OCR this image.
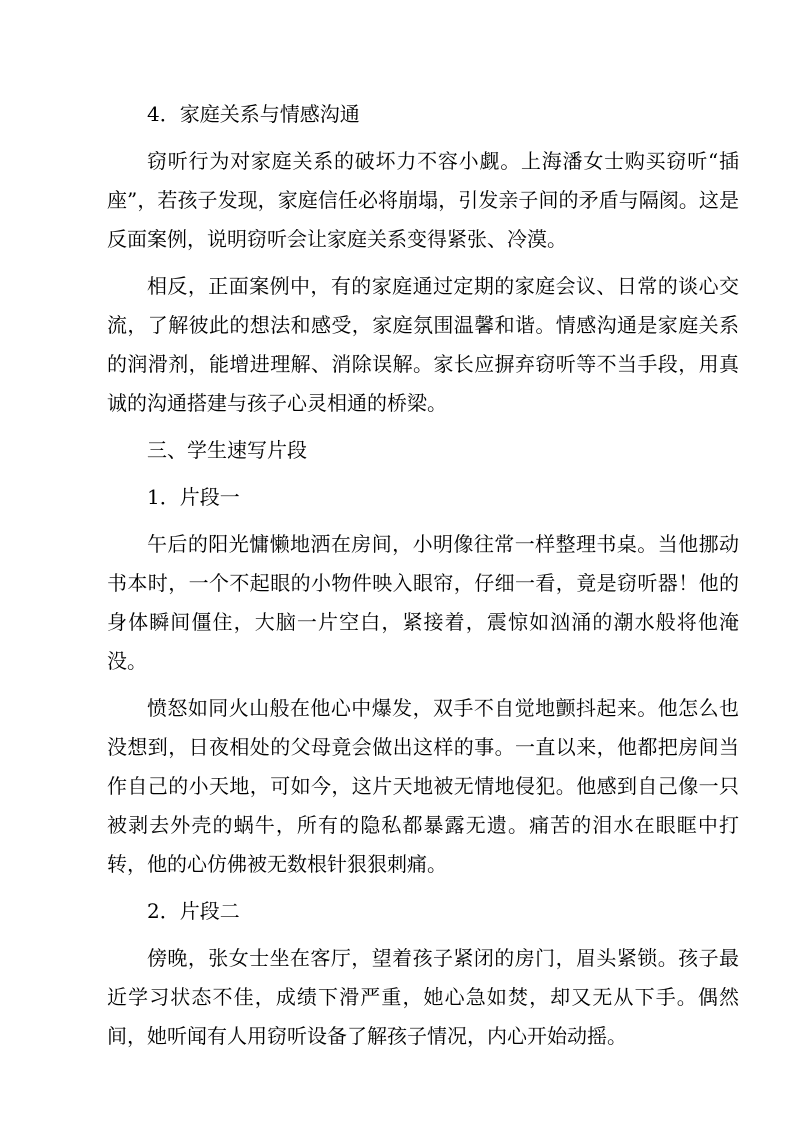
4．家庭关系与情感沟通

窃听行为对家庭关系的破坏力不容小觑。上海潘女士购买窃听“插座”，若孩子发现，家庭信任必将崩塌，引发亲子间的矛盾与隔阂。这是反面案例，说明窃听会让家庭关系变得紧张、冷漠。

相反，正面案例中，有的家庭通过定期的家庭会议、日常的谈心交流，了解彼此的想法和感受，家庭氛围温馨和谐。情感沟通是家庭关系的润滑剂，能增进理解、消除误解。家长应摒弃窃听等不当手段，用真诚的沟通搭建与孩子心灵相通的桥梁。

三、学生速写片段

1．片段一

午后的阳光慵懒地洒在房间，小明像往常一样整理书桌。当他挪动书本时，一个不起眼的小物件映入眼帘，仔细一看，竟是窃听器！他的身体瞬间僵住，大脑一片空白，紧接着，震惊如汹涌的潮水般将他淹没。

愤怒如同火山般在他心中爆发，双手不自觉地颤抖起来。他怎么也没想到，日夜相处的父母竟会做出这样的事。一直以来，他都把房间当作自己的小天地，可如今，这片天地被无情地侵犯。他感到自己像一只被剥去外壳的蜗牛，所有的隐私都暴露无遗。痛苦的泪水在眼眶中打转，他的心仿佛被无数根针狠狠刺痛。

2．片段二

傍晚，张女士坐在客厅，望着孩子紧闭的房门，眉头紧锁。孩子最近学习状态不佳，成绩下滑严重，她心急如焚，却又无从下手。偶然间，她听闻有人用窃听设备了解孩子情况，内心开始动摇。
